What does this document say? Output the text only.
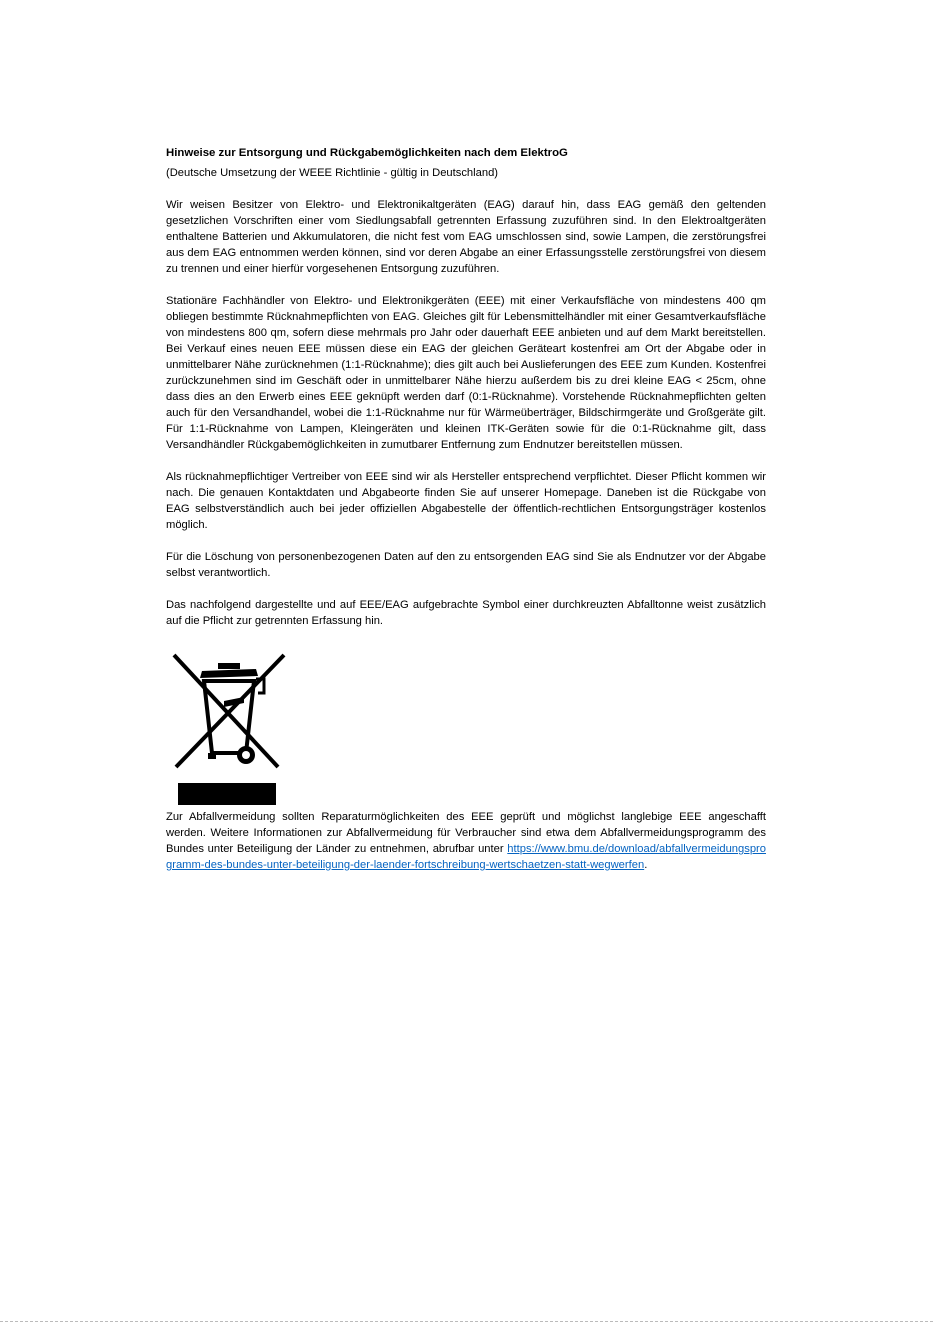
Hinweise zur Entsorgung und Rückgabemöglichkeiten nach dem ElektroG

(Deutsche Umsetzung der WEEE Richtlinie - gültig in Deutschland)

Wir weisen Besitzer von Elektro- und Elektronikaltgeräten (EAG) darauf hin, dass EAG gemäß den geltenden gesetzlichen Vorschriften einer vom Siedlungsabfall getrennten Erfassung zuzuführen sind. In den Elektroaltgeräten enthaltene Batterien und Akkumulatoren, die nicht fest vom EAG umschlossen sind, sowie Lampen, die zerstörungsfrei aus dem EAG entnommen werden können, sind vor deren Abgabe an einer Erfassungsstelle zerstörungsfrei von diesem zu trennen und einer hierfür vorgesehenen Entsorgung zuzuführen.

Stationäre Fachhändler von Elektro- und Elektronikgeräten (EEE) mit einer Verkaufsfläche von mindestens 400 qm obliegen bestimmte Rücknahmepflichten von EAG. Gleiches gilt für Lebensmittelhändler mit einer Gesamtverkaufsfläche von mindestens 800 qm, sofern diese mehrmals pro Jahr oder dauerhaft EEE anbieten und auf dem Markt bereitstellen. Bei Verkauf eines neuen EEE müssen diese ein EAG der gleichen Geräteart kostenfrei am Ort der Abgabe oder in unmittelbarer Nähe zurücknehmen (1:1-Rücknahme); dies gilt auch bei Auslieferungen des EEE zum Kunden. Kostenfrei zurückzunehmen sind im Geschäft oder in unmittelbarer Nähe hierzu außerdem bis zu drei kleine EAG < 25cm, ohne dass dies an den Erwerb eines EEE geknüpft werden darf (0:1-Rücknahme). Vorstehende Rücknahmepflichten gelten auch für den Versandhandel, wobei die 1:1-Rücknahme nur für Wärmeüberträger, Bildschirmgeräte und Großgeräte gilt. Für 1:1-Rücknahme von Lampen, Kleingeräten und kleinen ITK-Geräten sowie für die 0:1-Rücknahme gilt, dass Versandhändler Rückgabemöglichkeiten in zumutbarer Entfernung zum Endnutzer bereitstellen müssen.

Als rücknahmepflichtiger Vertreiber von EEE sind wir als Hersteller entsprechend verpflichtet. Dieser Pflicht kommen wir nach. Die genauen Kontaktdaten und Abgabeorte finden Sie auf unserer Homepage. Daneben ist die Rückgabe von EAG selbstverständlich auch bei jeder offiziellen Abgabestelle der öffentlich-rechtlichen Entsorgungsträger kostenlos möglich.

Für die Löschung von personenbezogenen Daten auf den zu entsorgenden EAG sind Sie als Endnutzer vor der Abgabe selbst verantwortlich.

Das nachfolgend dargestellte und auf EEE/EAG aufgebrachte Symbol einer durchkreuzten Abfalltonne weist zusätzlich auf die Pflicht zur getrennten Erfassung hin.

Zur Abfallvermeidung sollten Reparaturmöglichkeiten des EEE geprüft und möglichst langlebige EEE angeschafft werden. Weitere Informationen zur Abfallvermeidung für Verbraucher sind etwa dem Abfallvermeidungsprogramm des Bundes unter Beteiligung der Länder zu entnehmen, abrufbar unter https://www.bmu.de/download/abfallvermeidungsprogramm-des-bundes-unter-beteiligung-der-laender-fortschreibung-wertschaetzen-statt-wegwerfen.
